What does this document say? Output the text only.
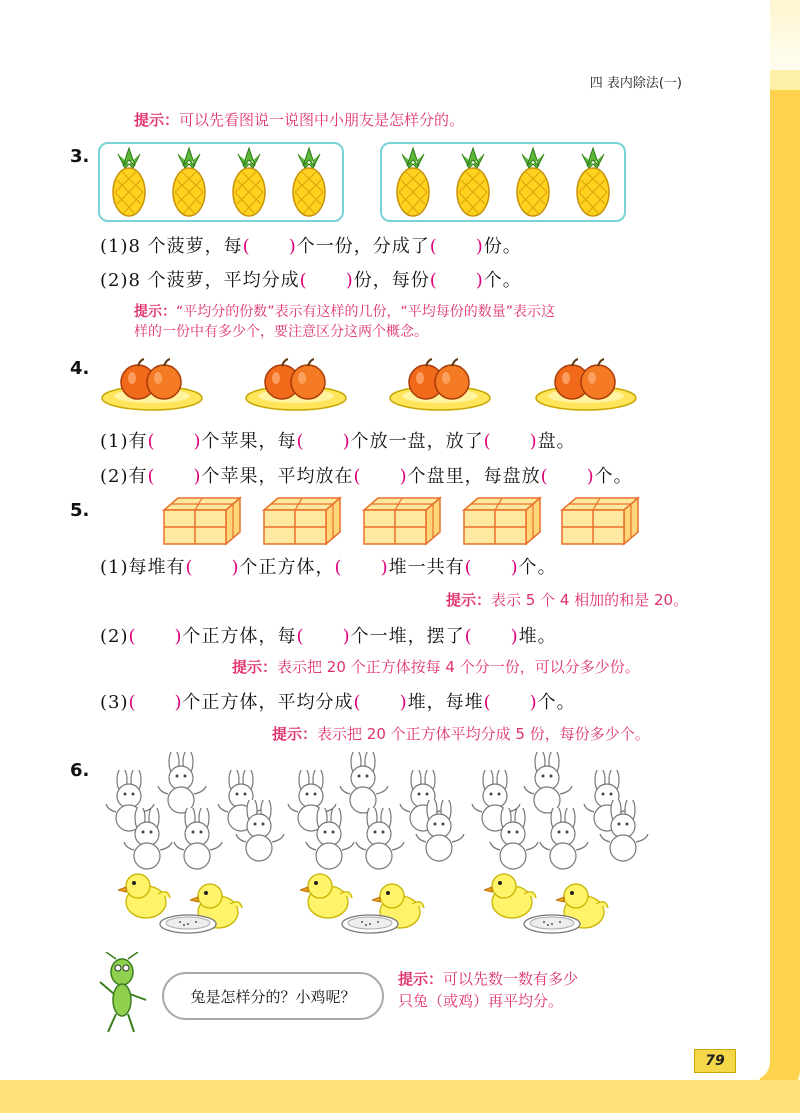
四 表内除法(一)
提示：可以先看图说一说图中小朋友是怎样分的。
3.
(1)8 个菠萝，每(　　)个一份，分成了(　　)份。
(2)8 个菠萝，平均分成(　　)份，每份(　　)个。
提示：“平均分的份数”表示有这样的几份，“平均每份的数量”表示这
样的一份中有多少个，要注意区分这两个概念。
4.
(1)有(　　)个苹果，每(　　)个放一盘，放了(　　)盘。
(2)有(　　)个苹果，平均放在(　　)个盘里，每盘放(　　)个。
5.
(1)每堆有(　　)个正方体，(　　)堆一共有(　　)个。
提示：表示 5 个 4 相加的和是 20。
(2)(　　)个正方体，每(　　)个一堆，摆了(　　)堆。
提示：表示把 20 个正方体按每 4 个分一份，可以分多少份。
(3)(　　)个正方体，平均分成(　　)堆，每堆(　　)个。
提示：表示把 20 个正方体平均分成 5 份，每份多少个。
6.
兔是怎样分的？小鸡呢？
提示：可以先数一数有多少
只兔（或鸡）再平均分。
79
